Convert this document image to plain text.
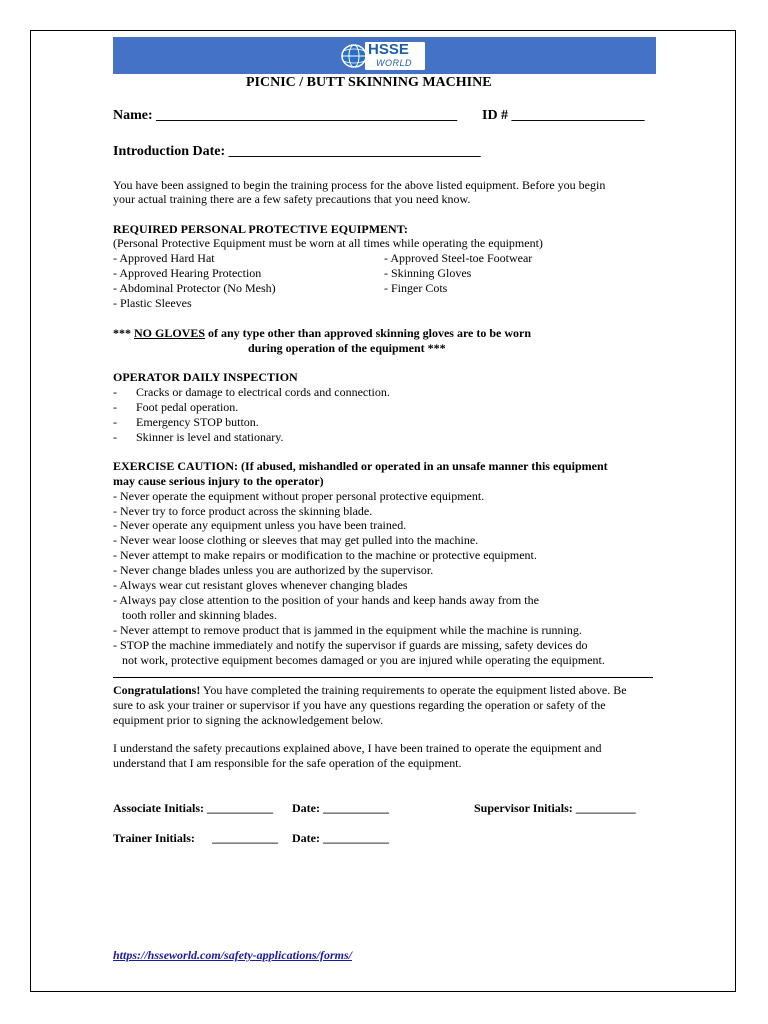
HSSE
WORLD
PICNIC / BUTT SKINNING MACHINE
Name: ___________________________________________ ID # ___________________
Introduction Date: ____________________________________
You have been assigned to begin the training process for the above listed equipment. Before you begin
your actual training there are a few safety precautions that you need know.
REQUIRED PERSONAL PROTECTIVE EQUIPMENT:
(Personal Protective Equipment must be worn at all times while operating the equipment)
- Approved Hard Hat
- Approved Hearing Protection
- Abdominal Protector (No Mesh)
- Plastic Sleeves
- Approved Steel-toe Footwear
- Skinning Gloves
- Finger Cots
*** NO GLOVES of any type other than approved skinning gloves are to be worn
during operation of the equipment ***
OPERATOR DAILY INSPECTION
- Cracks or damage to electrical cords and connection.
- Foot pedal operation.
- Emergency STOP button.
- Skinner is level and stationary.
EXERCISE CAUTION: (If abused, mishandled or operated in an unsafe manner this equipment
may cause serious injury to the operator)
- Never operate the equipment without proper personal protective equipment.
- Never try to force product across the skinning blade.
- Never operate any equipment unless you have been trained.
- Never wear loose clothing or sleeves that may get pulled into the machine.
- Never attempt to make repairs or modification to the machine or protective equipment.
- Never change blades unless you are authorized by the supervisor.
- Always wear cut resistant gloves whenever changing blades
- Always pay close attention to the position of your hands and keep hands away from the
tooth roller and skinning blades.
- Never attempt to remove product that is jammed in the equipment while the machine is running.
- STOP the machine immediately and notify the supervisor if guards are missing, safety devices do
not work, protective equipment becomes damaged or you are injured while operating the equipment.
Congratulations! You have completed the training requirements to operate the equipment listed above. Be
sure to ask your trainer or supervisor if you have any questions regarding the operation or safety of the
equipment prior to signing the acknowledgement below.
I understand the safety precautions explained above, I have been trained to operate the equipment and
understand that I am responsible for the safe operation of the equipment.
Associate Initials: ___________ Date: ___________	Supervisor Initials: __________
Trainer Initials: ___________ Date: ___________
https://hsseworld.com/safety-applications/forms/
